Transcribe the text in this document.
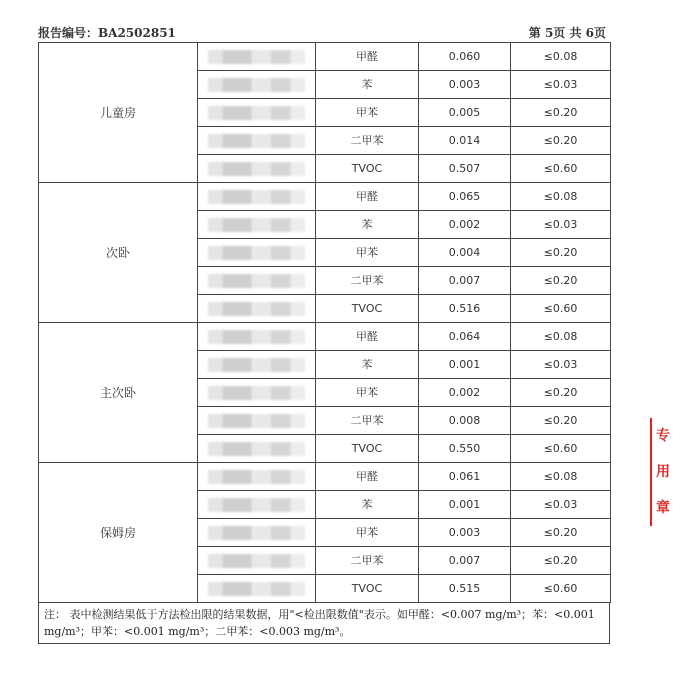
报告编号：BA2502851	第 5页 共 6页
儿童房		甲醛	0.060	≤0.08

		苯	0.003	≤0.03

		甲苯	0.005	≤0.20

		二甲苯	0.014	≤0.20

		TVOC	0.507	≤0.60
次卧		甲醛	0.065	≤0.08

		苯	0.002	≤0.03

		甲苯	0.004	≤0.20

		二甲苯	0.007	≤0.20

		TVOC	0.516	≤0.60
主次卧		甲醛	0.064	≤0.08

		苯	0.001	≤0.03

		甲苯	0.002	≤0.20

		二甲苯	0.008	≤0.20

		TVOC	0.550	≤0.60
保姆房		甲醛	0.061	≤0.08

		苯	0.001	≤0.03

		甲苯	0.003	≤0.20

		二甲苯	0.007	≤0.20

		TVOC	0.515	≤0.60
注： 表中检测结果低于方法检出限的结果数据，用"<检出限数值"表示。如甲醛：<0.007 mg/m³；苯：<0.001 mg/m³；甲苯：<0.001 mg/m³；二甲苯：<0.003 mg/m³。
专
用
章
